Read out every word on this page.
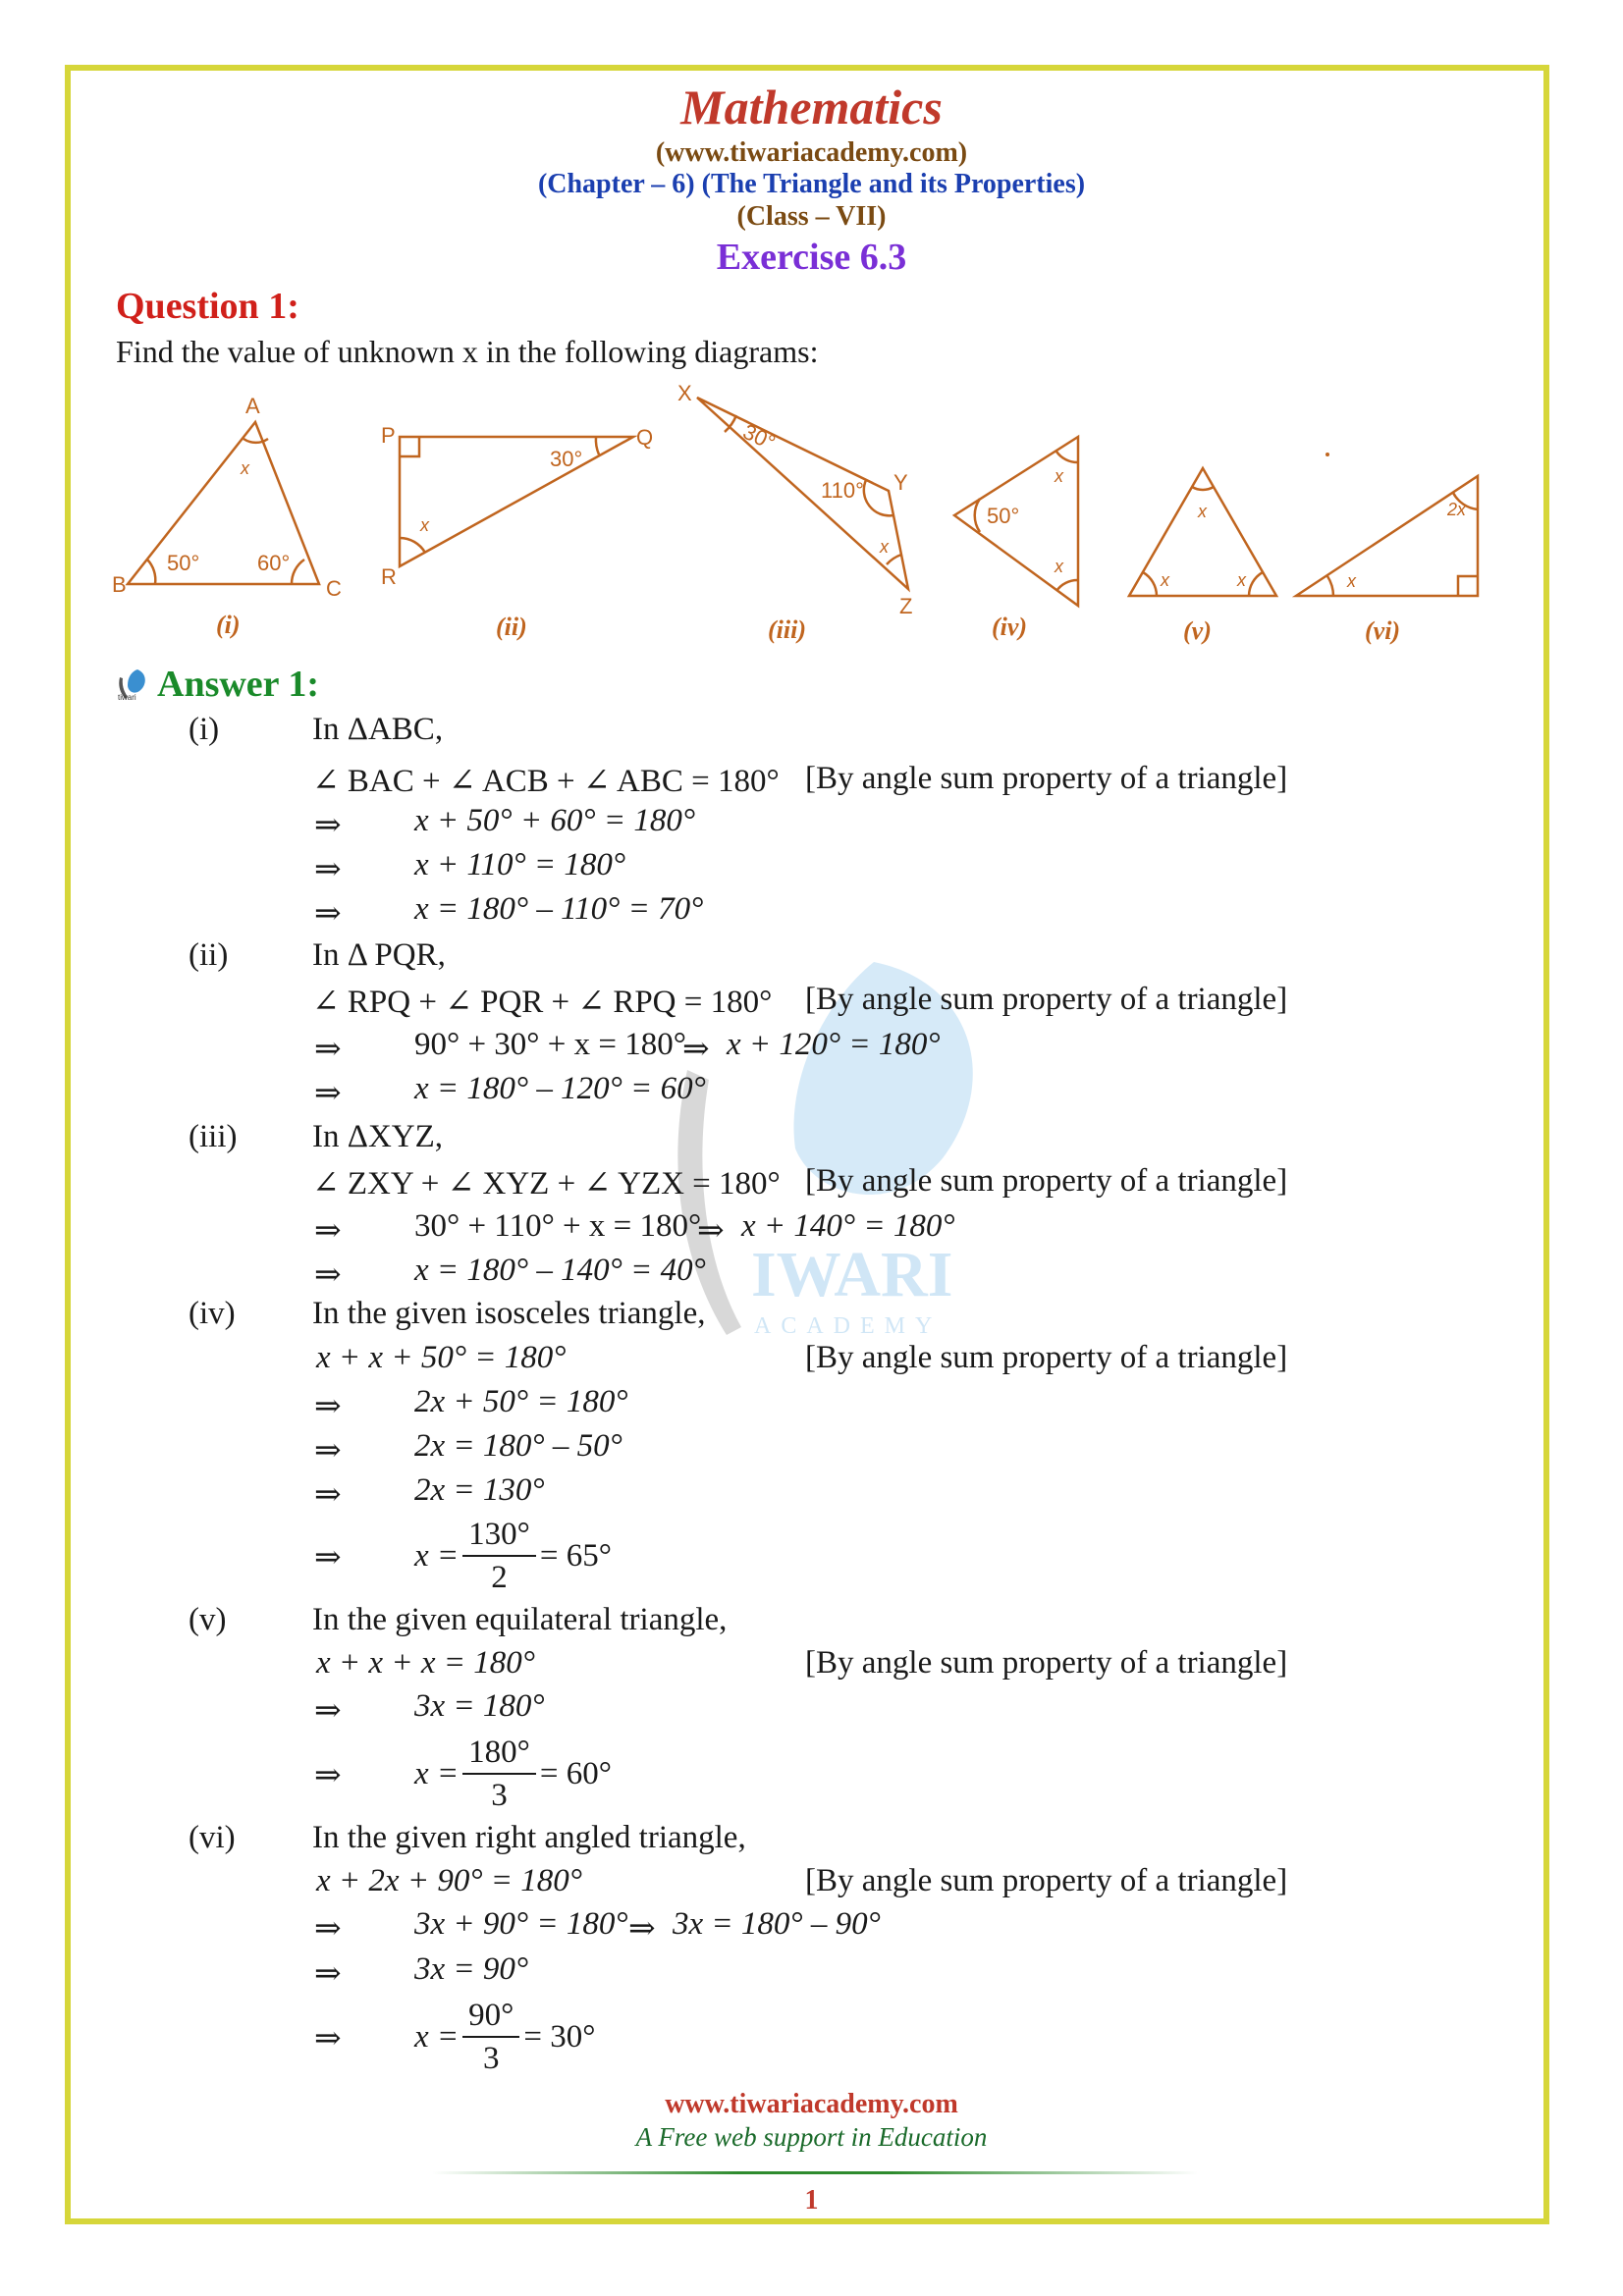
Mathematics
(www.tiwariacademy.com)
(Chapter – 6) (The Triangle and its Properties)
(Class – VII)
Exercise 6.3
Question 1:
Find the value of unknown x in the following diagrams:
A
B	C
x
50°	60°
P	Q
R
30°
x
X
Y
Z
30°
110°
x
50°
x
x
x
x	x
2x
x
(i)	(ii)	(iii)	(iv)	(v)	(vi)
IWARI
ACADEMY
tiwari Answer 1:
(i)	In ΔABC,
∠ BAC + ∠ ACB + ∠ ABC = 180° [By angle sum property of a triangle]
⇒ x + 50° + 60° = 180°
⇒ x + 110° = 180°
⇒ x = 180° – 110° = 70°
(ii)	In Δ PQR,
∠ RPQ + ∠ PQR + ∠ RPQ = 180° [By angle sum property of a triangle]
⇒ 90° + 30° + x = 180°
⇒ x + 120° = 180°
⇒ x = 180° – 120° = 60°
(iii) In ΔXYZ,
∠ ZXY + ∠ XYZ + ∠ YZX = 180° [By angle sum property of a triangle]
⇒ 30° + 110° + x = 180°
⇒ x + 140° = 180°
⇒ x = 180° – 140° = 40°
(iv) In the given isosceles triangle,
x + x + 50° = 180°	[By angle sum property of a triangle]
⇒ 2x + 50° = 180°
⇒ 2x = 180° – 50°
⇒ 2x = 130°
⇒ $x = \frac{130^\circ}{2} = 65^\circ$
(v)	In the given equilateral triangle,
x + x + x = 180°	[By angle sum property of a triangle]
⇒ 3x = 180°
⇒ $x = \frac{180^\circ}{3} = 60^\circ$
(vi) In the given right angled triangle,
x + 2x + 90° = 180°	[By angle sum property of a triangle]
⇒ 3x + 90° = 180° ⇒ 3x = 180° – 90°
⇒ 3x = 90°
⇒ $x = \frac{90^\circ}{3} = 30^\circ$
www.tiwariacademy.com
A Free web support in Education
1
